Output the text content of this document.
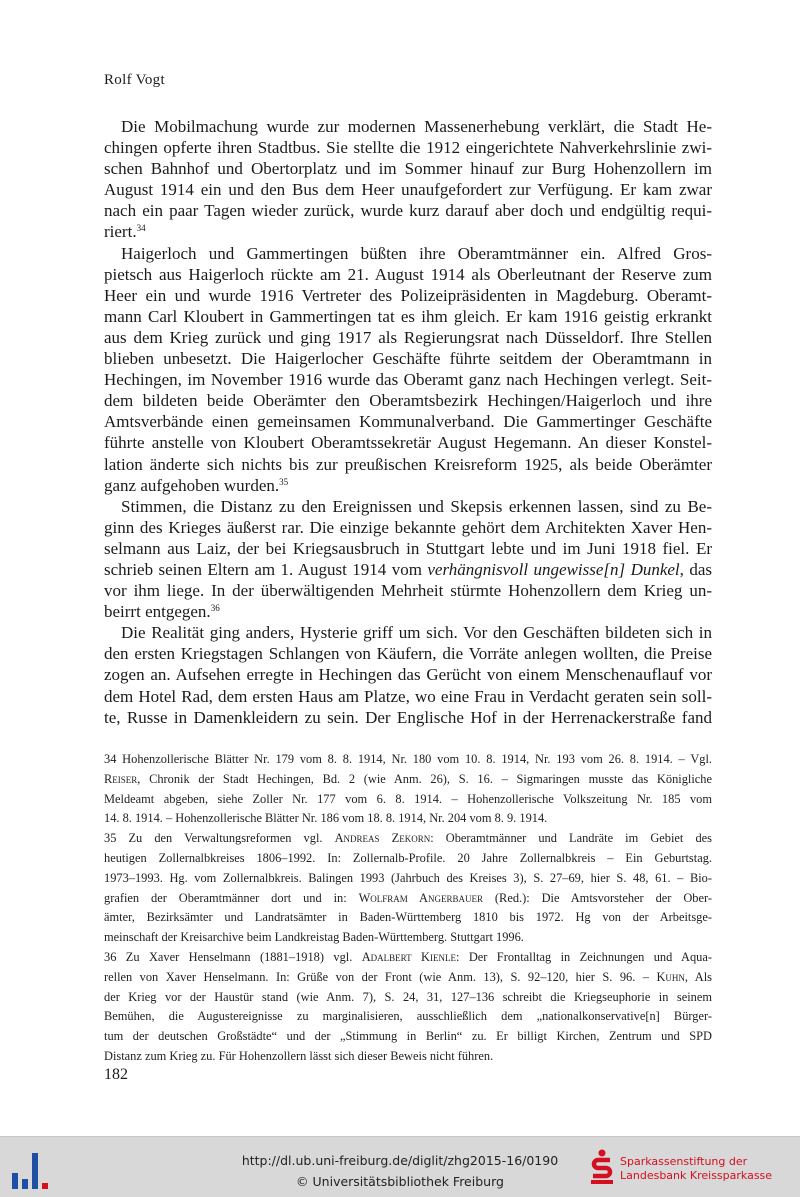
Rolf Vogt

Die Mobilmachung wurde zur modernen Massenerhebung verklärt, die Stadt He-
chingen opferte ihren Stadtbus. Sie stellte die 1912 eingerichtete Nahverkehrslinie zwi-
schen Bahnhof und Obertorplatz und im Sommer hinauf zur Burg Hohenzollern im
August 1914 ein und den Bus dem Heer unaufgefordert zur Verfügung. Er kam zwar
nach ein paar Tagen wieder zurück, wurde kurz darauf aber doch und endgültig requi-
riert.$^{34}$

Haigerloch und Gammertingen büßten ihre Oberamtmänner ein. Alfred Gros-
pietsch aus Haigerloch rückte am 21. August 1914 als Oberleutnant der Reserve zum
Heer ein und wurde 1916 Vertreter des Polizeipräsidenten in Magdeburg. Oberamt-
mann Carl Kloubert in Gammertingen tat es ihm gleich. Er kam 1916 geistig erkrankt
aus dem Krieg zurück und ging 1917 als Regierungsrat nach Düsseldorf. Ihre Stellen
blieben unbesetzt. Die Haigerlocher Geschäfte führte seitdem der Oberamtmann in
Hechingen, im November 1916 wurde das Oberamt ganz nach Hechingen verlegt. Seit-
dem bildeten beide Oberämter den Oberamtsbezirk Hechingen/Haigerloch und ihre
Amtsverbände einen gemeinsamen Kommunalverband. Die Gammertinger Geschäfte
führte anstelle von Kloubert Oberamtssekretär August Hegemann. An dieser Konstel-
lation änderte sich nichts bis zur preußischen Kreisreform 1925, als beide Oberämter
ganz aufgehoben wurden.$^{35}$

Stimmen, die Distanz zu den Ereignissen und Skepsis erkennen lassen, sind zu Be-
ginn des Krieges äußerst rar. Die einzige bekannte gehört dem Architekten Xaver Hen-
selmann aus Laiz, der bei Kriegsausbruch in Stuttgart lebte und im Juni 1918 fiel. Er
schrieb seinen Eltern am 1. August 1914 vom verhängnisvoll ungewisse[n] Dunkel, das
vor ihm liege. In der überwältigenden Mehrheit stürmte Hohenzollern dem Krieg un-
beirrt entgegen.$^{36}$

Die Realität ging anders, Hysterie griff um sich. Vor den Geschäften bildeten sich in
den ersten Kriegstagen Schlangen von Käufern, die Vorräte anlegen wollten, die Preise
zogen an. Aufsehen erregte in Hechingen das Gerücht von einem Menschenauflauf vor
dem Hotel Rad, dem ersten Haus am Platze, wo eine Frau in Verdacht geraten sein soll-
te, Russe in Damenkleidern zu sein. Der Englische Hof in der Herrenackerstraße fand

34 Hohenzollerische Blätter Nr. 179 vom 8. 8. 1914, Nr. 180 vom 10. 8. 1914, Nr. 193 vom 26. 8. 1914. – Vgl.
Reiser, Chronik der Stadt Hechingen, Bd. 2 (wie Anm. 26), S. 16. – Sigmaringen musste das Königliche
Meldeamt abgeben, siehe Zoller Nr. 177 vom 6. 8. 1914. – Hohenzollerische Volkszeitung Nr. 185 vom
14. 8. 1914. – Hohenzollerische Blätter Nr. 186 vom 18. 8. 1914, Nr. 204 vom 8. 9. 1914.
35 Zu den Verwaltungsreformen vgl. Andreas Zekorn: Oberamtmänner und Landräte im Gebiet des
heutigen Zollernalbkreises 1806–1992. In: Zollernalb-Profile. 20 Jahre Zollernalbkreis – Ein Geburtstag.
1973–1993. Hg. vom Zollernalbkreis. Balingen 1993 (Jahrbuch des Kreises 3), S. 27–69, hier S. 48, 61. – Bio-
grafien der Oberamtmänner dort und in: Wolfram Angerbauer (Red.): Die Amtsvorsteher der Ober-
ämter, Bezirksämter und Landratsämter in Baden-Württemberg 1810 bis 1972. Hg von der Arbeitsge-
meinschaft der Kreisarchive beim Landkreistag Baden-Württemberg. Stuttgart 1996.
36 Zu Xaver Henselmann (1881–1918) vgl. Adalbert Kienle: Der Frontalltag in Zeichnungen und Aqua-
rellen von Xaver Henselmann. In: Grüße von der Front (wie Anm. 13), S. 92–120, hier S. 96. – Kuhn, Als
der Krieg vor der Haustür stand (wie Anm. 7), S. 24, 31, 127–136 schreibt die Kriegseuphorie in seinem
Bemühen, die Augustereignisse zu marginalisieren, ausschließlich dem „nationalkonservative[n] Bürger-
tum der deutschen Großstädte“ und der „Stimmung in Berlin“ zu. Er billigt Kirchen, Zentrum und SPD
Distanz zum Krieg zu. Für Hohenzollern lässt sich dieser Beweis nicht führen.
182
http://dl.ub.uni-freiburg.de/diglit/zhg2015-16/0190
© Universitätsbibliothek Freiburg
Sparkassenstiftung der
Landesbank Kreissparkasse
